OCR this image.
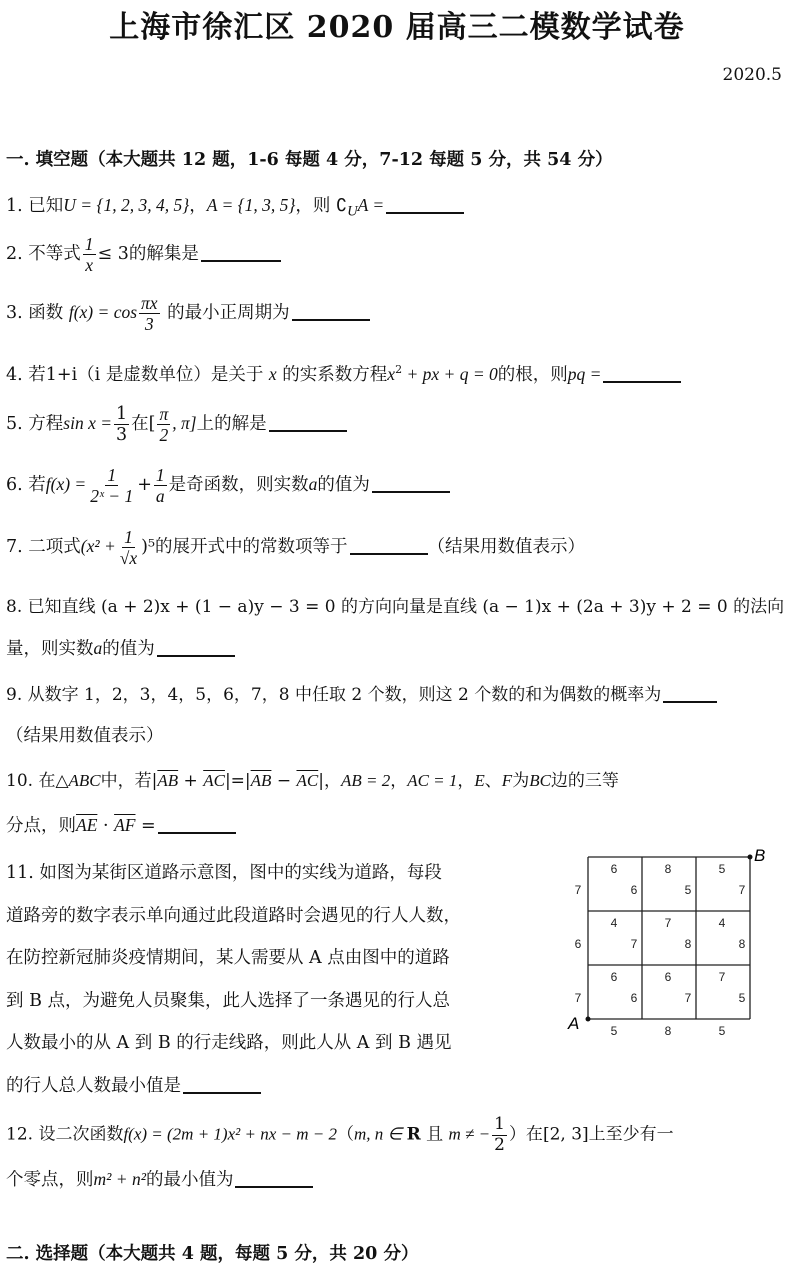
上海市徐汇区 2020 届高三二模数学试卷
2020.5
一. 填空题（本大题共 12 题，1-6 每题 4 分，7-12 每题 5 分，共 54 分）
1. 已知U = {1, 2, 3, 4, 5}，A = {1, 3, 5}，则 $∁_UA$ =
2. 不等式 $\frac{1}{x} \le 3$的解集是
3. 函数 $f(x) = \cos \frac{\pi x}{3}$ 的最小正周期为
4. 若1+i（i 是虚数单位）是关于 x 的实系数方程$x^2$ + px + q = 0的根，则pq =
5. 方程$\sin x = \frac{1}{3}$ 在[ $\frac{\pi}{2}$ , π]上的解是
6. 若$f(x) = \frac{1}{\text{2ˣ − 1}} + \frac{1}{a}$ 是奇函数，则实数a的值为
7. 二项式$(x^2 + \frac{1}{√x} )^5$的展开式中的常数项等于	（结果用数值表示）
8. 已知直线 (a + 2)x + (1 − a)y − 3 = 0 的方向向量是直线 (a − 1)x + (2a + 3)y + 2 = 0 的法向
量，则实数a的值为
9. 从数字 1，2，3，4，5，6，7，8 中任取 2 个数，则这 2 个数的和为偶数的概率为
（结果用数值表示）
10. 在△ABC中，若$|\overline{AB} + \overline{AC}|=|\overline{AB} - \overline{AC}|$，AB = 2，AC = 1，E、F为BC边的三等
分点，则$\overline{AE} \cdot \overline{AF}$ =
11. 如图为某街区道路示意图，图中的实线为道路，每段
道路旁的数字表示单向通过此段道路时会遇见的行人人数，
在防控新冠肺炎疫情期间，某人需要从 A 点由图中的道路
到 B 点，为避免人员聚集，此人选择了一条遇见的行人总
人数最小的从 A 到 B 的行走线路，则此人从 A 到 B 遇见
的行人总人数最小值是
A
B
6	8	5
4	7	4
6	6	7
5	8	5
7	6	5	7
6	7	8	8
7	6	7	5
12. 设二次函数f(x) = (2m + 1)x² + nx − m − 2（m, n ∈ R 且 m ≠ − $\frac{1}{2}$ ）在[2, 3]上至少有一
个零点，则m² + n²的最小值为
二. 选择题（本大题共 4 题，每题 5 分，共 20 分）
